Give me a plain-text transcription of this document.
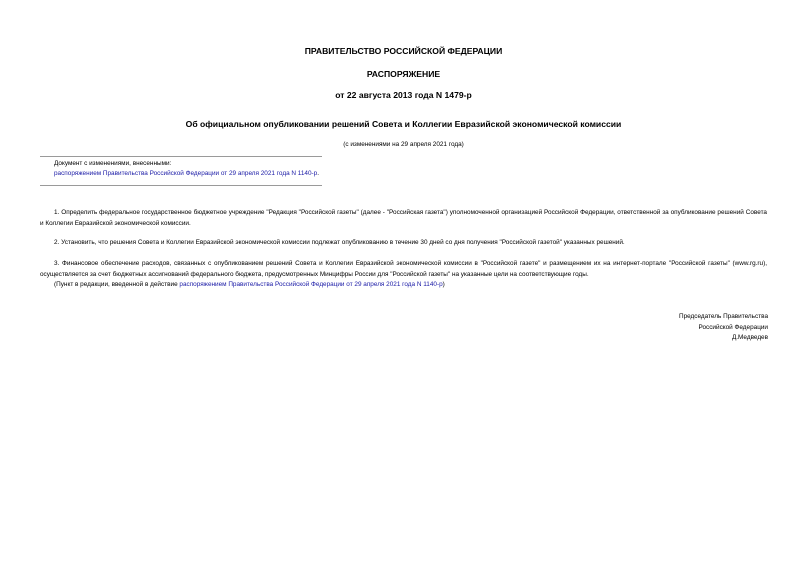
ПРАВИТЕЛЬСТВО РОССИЙСКОЙ ФЕДЕРАЦИИ
РАСПОРЯЖЕНИЕ
от 22 августа 2013 года N 1479-р
Об официальном опубликовании решений Совета и Коллегии Евразийской экономической комиссии
(с изменениями на 29 апреля 2021 года)
Документ с изменениями, внесенными:
распоряжением Правительства Российской Федерации от 29 апреля 2021 года N 1140-р.
1. Определить федеральное государственное бюджетное учреждение "Редакция "Российской газеты" (далее - "Российская газета") уполномоченной организацией Российской Федерации, ответственной за опубликование решений Совета и Коллегии Евразийской экономической комиссии.
2. Установить, что решения Совета и Коллегии Евразийской экономической комиссии подлежат опубликованию в течение 30 дней со дня получения "Российской газетой" указанных решений.
3. Финансовое обеспечение расходов, связанных с опубликованием решений Совета и Коллегии Евразийской экономической комиссии в "Российской газете" и размещением их на интернет-портале "Российской газеты" (www.rg.ru), осуществляется за счет бюджетных ассигнований федерального бюджета, предусмотренных Минцифры России для "Российской газеты" на указанные цели на соответствующие годы.
(Пункт в редакции, введенной в действие распоряжением Правительства Российской Федерации от 29 апреля 2021 года N 1140-р)
Председатель Правительства
Российской Федерации
Д.Медведев
